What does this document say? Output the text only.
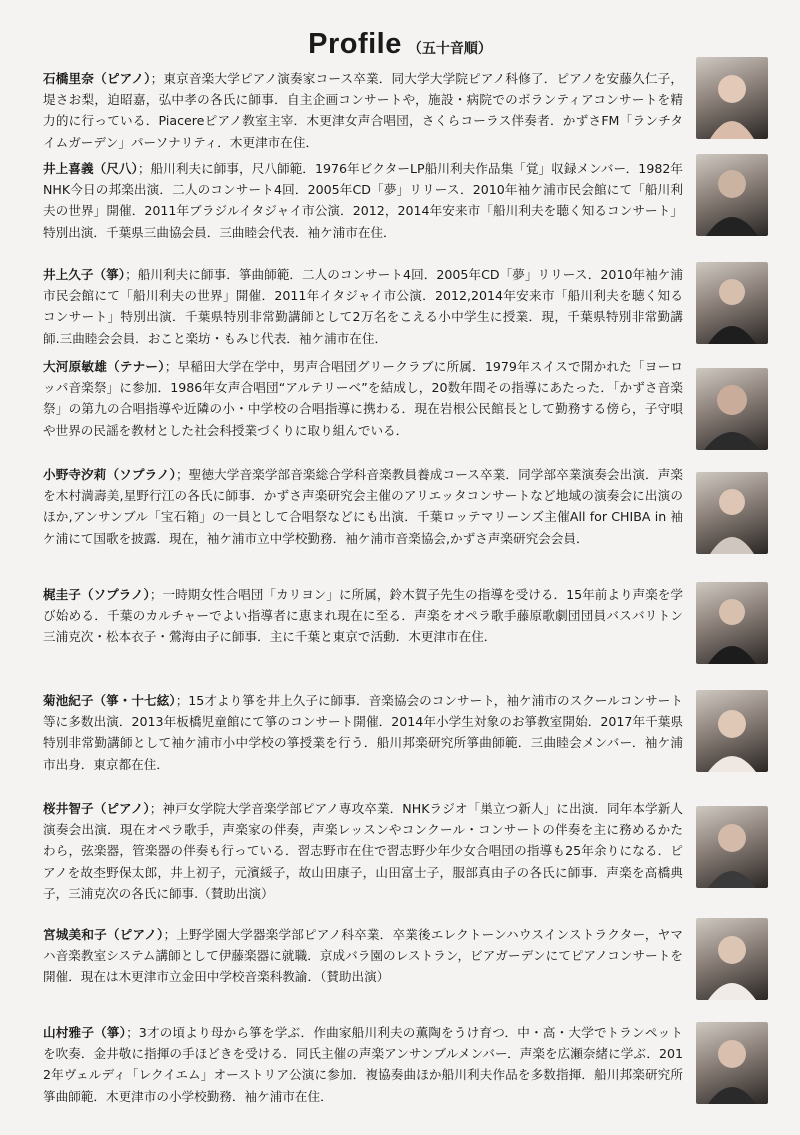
Profile （五十音順）

石橋里奈（ピアノ）；東京音楽大学ピアノ演奏家コース卒業．同大学大学院ピアノ科修了．ピアノを安藤久仁子，堤さお梨，迫昭嘉，弘中孝の各氏に師事．自主企画コンサートや，施設・病院でのボランティアコンサートを精力的に行っている．Piacereピアノ教室主宰．木更津女声合唱団，さくらコーラス伴奏者．かずさFM「ランチタイムガーデン」パーソナリティ．木更津市在住．

井上喜義（尺八）；船川利夫に師事，尺八師範．1976年ビクターLP船川利夫作品集「覚」収録メンバー．1982年NHK今日の邦楽出演．二人のコンサート4回．2005年CD「夢」リリース．2010年袖ケ浦市民会館にて「船川利夫の世界」開催．2011年ブラジルイタジャイ市公演．2012，2014年安来市「船川利夫を聴く知るコンサート」特別出演．千葉県三曲協会員．三曲睦会代表．袖ケ浦市在住．

井上久子（箏）；船川利夫に師事．箏曲師範．二人のコンサート4回．2005年CD「夢」リリース．2010年袖ケ浦市民会館にて「船川利夫の世界」開催．2011年イタジャイ市公演．2012,2014年安来市「船川利夫を聴く知るコンサート」特別出演．千葉県特別非常勤講師として2万名をこえる小中学生に授業．現，千葉県特別非常勤講師.三曲睦会会員．おこと楽坊・もみじ代表．袖ケ浦市在住．

大河原敏雄（テナー）；早稲田大学在学中，男声合唱団グリークラブに所属．1979年スイスで開かれた「ヨーロッパ音楽祭」に参加．1986年女声合唱団“アルテリーベ”を結成し，20数年間その指導にあたった．「かずさ音楽祭」の第九の合唱指導や近隣の小・中学校の合唱指導に携わる．現在岩根公民館長として勤務する傍ら，子守唄や世界の民謡を教材とした社会科授業づくりに取り組んでいる．

小野寺汐莉（ソプラノ）；聖徳大学音楽学部音楽総合学科音楽教員養成コース卒業．同学部卒業演奏会出演．声楽を木村満壽美,星野行江の各氏に師事．かずさ声楽研究会主催のアリエッタコンサートなど地域の演奏会に出演のほか,アンサンブル「宝石箱」の一員として合唱祭などにも出演．千葉ロッテマリーンズ主催All for CHIBA in 袖ケ浦にて国歌を披露．現在，袖ケ浦市立中学校勤務．袖ケ浦市音楽協会,かずさ声楽研究会会員．

梶圭子（ソプラノ）；一時期女性合唱団「カリヨン」に所属，鈴木賀子先生の指導を受ける．15年前より声楽を学び始める．千葉のカルチャーでよい指導者に恵まれ現在に至る．声楽をオペラ歌手藤原歌劇団団員バスバリトン三浦克次・松本衣子・鶯海由子に師事．主に千葉と東京で活動．木更津市在住．

菊池紀子（箏・十七絃）；15才より箏を井上久子に師事．音楽協会のコンサート，袖ケ浦市のスクールコンサート等に多数出演．2013年板橋児童館にて箏のコンサート開催．2014年小学生対象のお箏教室開始．2017年千葉県特別非常勤講師として袖ケ浦市小中学校の箏授業を行う．船川邦楽研究所箏曲師範．三曲睦会メンバー．袖ケ浦市出身．東京都在住．

桜井智子（ピアノ）；神戸女学院大学音楽学部ピアノ専攻卒業．NHKラジオ「巣立つ新人」に出演．同年本学新人演奏会出演．現在オペラ歌手，声楽家の伴奏，声楽レッスンやコンクール・コンサートの伴奏を主に務めるかたわら，弦楽器，管楽器の伴奏も行っている．習志野市在住で習志野少年少女合唱団の指導も25年余りになる．ピアノを故杢野保太郎，井上初子，元濱綏子，故山田康子，山田富士子，服部真由子の各氏に師事．声楽を高橋典子，三浦克次の各氏に師事.（賛助出演）

宮城美和子（ピアノ）；上野学園大学器楽学部ピアノ科卒業．卒業後エレクトーンハウスインストラクター，ヤマハ音楽教室システム講師として伊藤楽器に就職．京成バラ園のレストラン，ビアガーデンにてピアノコンサートを開催．現在は木更津市立金田中学校音楽科教諭．（賛助出演）

山村雅子（箏）；3才の頃より母から箏を学ぶ．作曲家船川利夫の薫陶をうけ育つ．中・高・大学でトランペットを吹奏．金井敬に指揮の手ほどきを受ける．同氏主催の声楽アンサンブルメンバー．声楽を広瀬奈緒に学ぶ．2012年ヴェルディ「レクイエム」オーストリア公演に参加．複協奏曲ほか船川利夫作品を多数指揮．船川邦楽研究所箏曲師範．木更津市の小学校勤務．袖ケ浦市在住．
